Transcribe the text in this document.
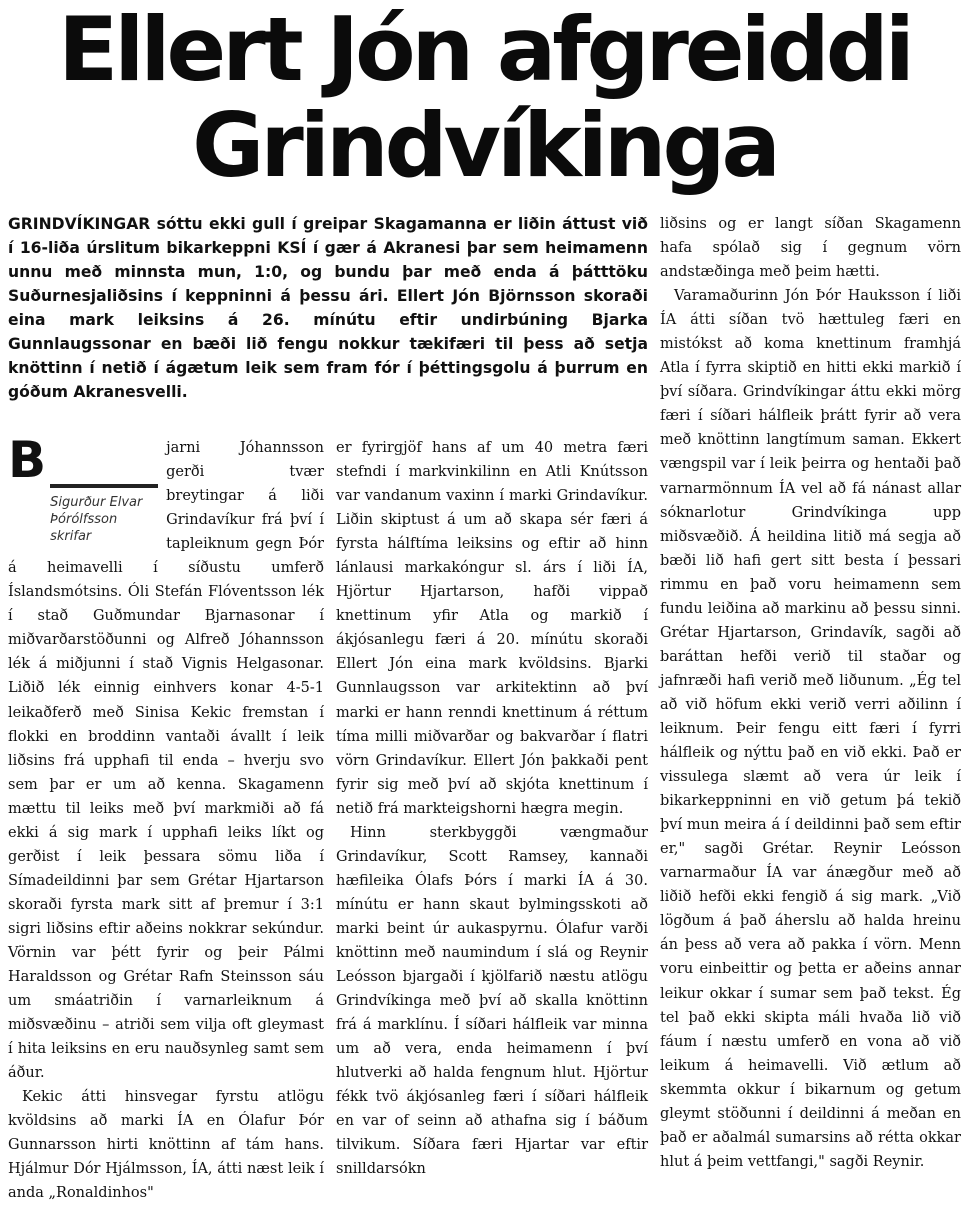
Ellert Jón afgreiddi
Grindvíkinga

GRINDVÍKINGAR sóttu ekki gull í greipar Skagamanna er liðin áttust við í 16-liða úrslitum bikarkeppni KSÍ í gær á Akranesi þar sem heimamenn unnu með minnsta mun, 1:0, og bundu þar með enda á þátttöku Suðurnesjaliðsins í keppninni á þessu ári. Ellert Jón Björnsson skoraði eina mark leiksins á 26. mínútu eftir undirbúning Bjarka Gunnlaugssonar en bæði lið fengu nokkur tækifæri til þess að setja knöttinn í netið í ágætum leik sem fram fór í þéttingsgolu á þurrum en góðum Akranesvelli.

B
Sigurður Elvar
Þórólfsson
skrifar
jarni Jóhannsson gerði tvær breytingar á liði Grindavíkur frá því í tapleiknum gegn Þór á heimavelli í síðustu umferð Íslandsmótsins. Óli Stefán Flóventsson lék í stað Guðmundar Bjarnasonar í miðvarðarstöðunni og Alfreð Jóhannsson lék á miðjunni í stað Vignis Helgasonar. Liðið lék einnig einhvers konar 4-5-1 leikaðferð með Sinisa Kekic fremstan í flokki en broddinn vantaði ávallt í leik liðsins frá upphafi til enda – hverju svo sem þar er um að kenna. Skagamenn mættu til leiks með því markmiði að fá ekki á sig mark í upphafi leiks líkt og gerðist í leik þessara sömu liða í Símadeildinni þar sem Grétar Hjartarson skoraði fyrsta mark sitt af þremur í 3:1 sigri liðsins eftir aðeins nokkrar sekúndur. Vörnin var þétt fyrir og þeir Pálmi Haraldsson og Grétar Rafn Steinsson sáu um smáatriðin í varnarleiknum á miðsvæðinu – atriði sem vilja oft gleymast í hita leiksins en eru nauðsynleg samt sem áður.

Kekic átti hinsvegar fyrstu atlögu kvöldsins að marki ÍA en Ólafur Þór Gunnarsson hirti knöttinn af tám hans. Hjálmur Dór Hjálmsson, ÍA, átti næst leik í anda „Ronaldinhos"

er fyrirgjöf hans af um 40 metra færi stefndi í markvinkilinn en Atli Knútsson var vandanum vaxinn í marki Grindavíkur. Liðin skiptust á um að skapa sér færi á fyrsta hálftíma leiksins og eftir að hinn lánlausi markakóngur sl. árs í liði ÍA, Hjörtur Hjartarson, hafði vippað knettinum yfir Atla og markið í ákjósanlegu færi á 20. mínútu skoraði Ellert Jón eina mark kvöldsins. Bjarki Gunnlaugsson var arkitektinn að því marki er hann renndi knettinum á réttum tíma milli miðvarðar og bakvarðar í flatri vörn Grindavíkur. Ellert Jón þakkaði pent fyrir sig með því að skjóta knettinum í netið frá markteigshorni hægra megin.

Hinn sterkbyggði vængmaður Grindavíkur, Scott Ramsey, kannaði hæfileika Ólafs Þórs í marki ÍA á 30. mínútu er hann skaut bylmingsskoti að marki beint úr aukaspyrnu. Ólafur varði knöttinn með naumindum í slá og Reynir Leósson bjargaði í kjölfarið næstu atlögu Grindvíkinga með því að skalla knöttinn frá á marklínu. Í síðari hálfleik var minna um að vera, enda heimamenn í því hlutverki að halda fengnum hlut. Hjörtur fékk tvö ákjósanleg færi í síðari hálfleik en var of seinn að athafna sig í báðum tilvikum. Síðara færi Hjartar var eftir snilldarsókn

liðsins og er langt síðan Skagamenn hafa spólað sig í gegnum vörn andstæðinga með þeim hætti.

Varamaðurinn Jón Þór Hauksson í liði ÍA átti síðan tvö hættuleg færi en mistókst að koma knettinum framhjá Atla í fyrra skiptið en hitti ekki markið í því síðara. Grindvíkingar áttu ekki mörg færi í síðari hálfleik þrátt fyrir að vera með knöttinn langtímum saman. Ekkert vængspil var í leik þeirra og hentaði það varnarmönnum ÍA vel að fá nánast allar sóknarlotur Grindvíkinga upp miðsvæðið. Á heildina litið má segja að bæði lið hafi gert sitt besta í þessari rimmu en það voru heimamenn sem fundu leiðina að markinu að þessu sinni. Grétar Hjartarson, Grindavík, sagði að baráttan hefði verið til staðar og jafnræði hafi verið með liðunum. „Ég tel að við höfum ekki verið verri aðilinn í leiknum. Þeir fengu eitt færi í fyrri hálfleik og nýttu það en við ekki. Það er vissulega slæmt að vera úr leik í bikarkeppninni en við getum þá tekið því mun meira á í deildinni það sem eftir er," sagði Grétar. Reynir Leósson varnarmaður ÍA var ánægður með að liðið hefði ekki fengið á sig mark. „Við lögðum á það áherslu að halda hreinu án þess að vera að pakka í vörn. Menn voru einbeittir og þetta er aðeins annar leikur okkar í sumar sem það tekst. Ég tel það ekki skipta máli hvaða lið við fáum í næstu umferð en vona að við leikum á heimavelli. Við ætlum að skemmta okkur í bikarnum og getum gleymt stöðunni í deildinni á meðan en það er aðalmál sumarsins að rétta okkar hlut á þeim vettfangi," sagði Reynir.
